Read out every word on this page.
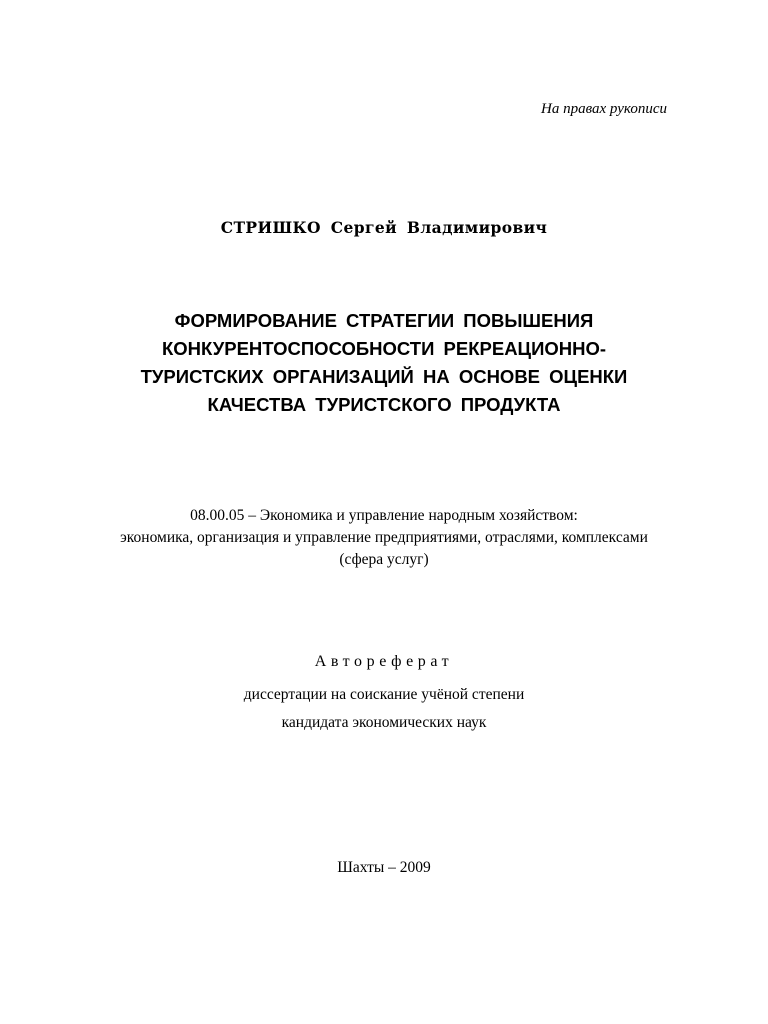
На правах рукописи
СТРИШКО Сергей Владимирович
ФОРМИРОВАНИЕ СТРАТЕГИИ ПОВЫШЕНИЯ
КОНКУРЕНТОСПОСОБНОСТИ РЕКРЕАЦИОННО-
ТУРИСТСКИХ ОРГАНИЗАЦИЙ НА ОСНОВЕ ОЦЕНКИ
КАЧЕСТВА ТУРИСТСКОГО ПРОДУКТА
08.00.05 – Экономика и управление народным хозяйством:
экономика, организация и управление предприятиями, отраслями, комплексами
(сфера услуг)
Автореферат
диссертации на соискание учёной степени
кандидата экономических наук
Шахты – 2009
